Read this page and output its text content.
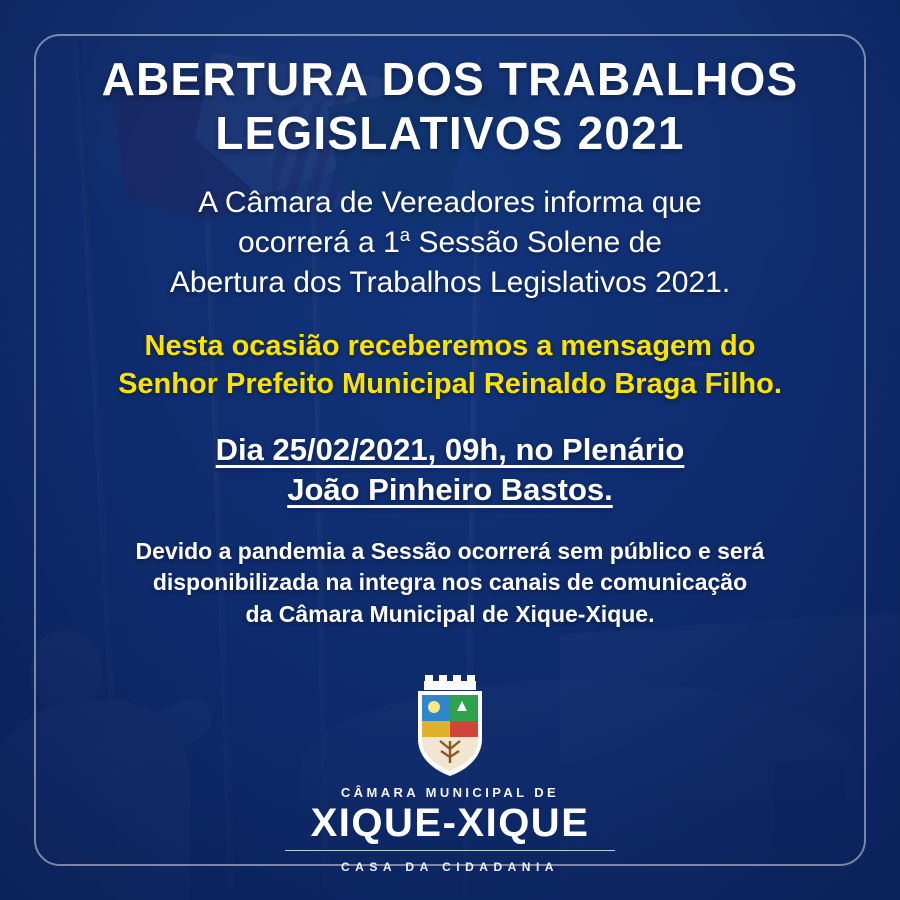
ABERTURA DOS TRABALHOS
LEGISLATIVOS 2021
A Câmara de Vereadores informa que
ocorrerá a 1$^a$ Sessão Solene de
Abertura dos Trabalhos Legislativos 2021.
Nesta ocasião receberemos a mensagem do
Senhor Prefeito Municipal Reinaldo Braga Filho.
Dia 25/02/2021, 09h, no Plenário
João Pinheiro Bastos.
Devido a pandemia a Sessão ocorrerá sem público e será
disponibilizada na integra nos canais de comunicação
da Câmara Municipal de Xique-Xique.
CÂMARA MUNICIPAL DE
XIQUE-XIQUE
CASA DA CIDADANIA
